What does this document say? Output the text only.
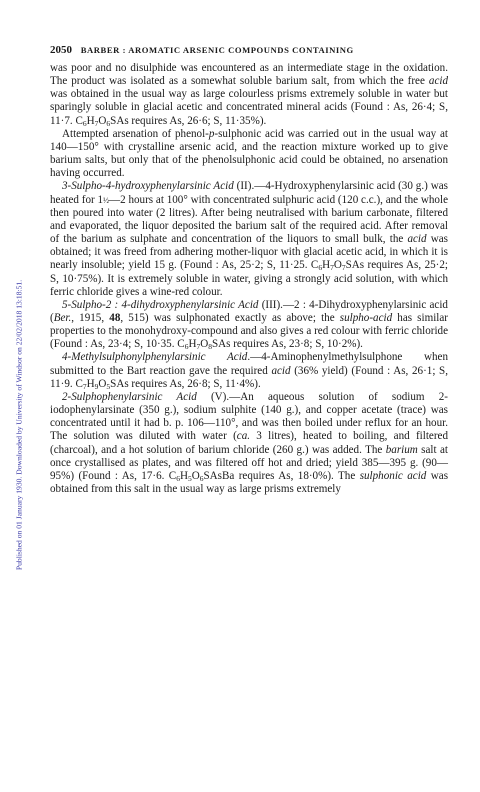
Published on 01 January 1930. Downloaded by University of Windsor on 22/02/2018 13:18:51.
2050 BARBER : AROMATIC ARSENIC COMPOUNDS CONTAINING

was poor and no disulphide was encountered as an intermediate stage in the oxidation. The product was isolated as a somewhat soluble barium salt, from which the free acid was obtained in the usual way as large colourless prisms extremely soluble in water but sparingly soluble in glacial acetic and concentrated mineral acids (Found : As, 26·4; S, 11·7. $C_6H_7O_6SAs$ requires As, 26·6; S, 11·35%).

Attempted arsenation of phenol-p-sulphonic acid was carried out in the usual way at 140—150° with crystalline arsenic acid, and the reaction mixture worked up to give barium salts, but only that of the phenolsulphonic acid could be obtained, no arsenation having occurred.

3-Sulpho-4-hydroxyphenylarsinic Acid (II).—4-Hydroxyphenylarsinic acid (30 g.) was heated for 1½—2 hours at 100° with concentrated sulphuric acid (120 c.c.), and the whole then poured into water (2 litres). After being neutralised with barium carbonate, filtered and evaporated, the liquor deposited the barium salt of the required acid. After removal of the barium as sulphate and concentration of the liquors to small bulk, the acid was obtained; it was freed from adhering mother-liquor with glacial acetic acid, in which it is nearly insoluble; yield 15 g. (Found : As, 25·2; S, 11·25. $C_6H_7O_7SAs$ requires As, 25·2; S, 10·75%). It is extremely soluble in water, giving a strongly acid solution, with which ferric chloride gives a wine-red colour.

5-Sulpho-2 : 4-dihydroxyphenylarsinic Acid (III).—2 : 4-Dihydroxyphenylarsinic acid (Ber., 1915, 48, 515) was sulphonated exactly as above; the sulpho-acid has similar properties to the monohydroxy-compound and also gives a red colour with ferric chloride (Found : As, 23·4; S, 10·35. $C_6H_7O_8SAs$ requires As, 23·8; S, 10·2%).

4-Methylsulphonylphenylarsinic Acid.—4-Aminophenylmethylsulphone when submitted to the Bart reaction gave the required acid (36% yield) (Found : As, 26·1; S, 11·9. $C_7H_9O_5SAs$ requires As, 26·8; S, 11·4%).

2-Sulphophenylarsinic Acid (V).—An aqueous solution of sodium 2-iodophenylarsinate (350 g.), sodium sulphite (140 g.), and copper acetate (trace) was concentrated until it had b. p. 106—110°, and was then boiled under reflux for an hour. The solution was diluted with water (ca. 3 litres), heated to boiling, and filtered (charcoal), and a hot solution of barium chloride (260 g.) was added. The barium salt at once crystallised as plates, and was filtered off hot and dried; yield 385—395 g. (90—95%) (Found : As, 17·6. $C_6H_5O_6SAsBa$ requires As, 18·0%). The sulphonic acid was obtained from this salt in the usual way as large prisms extremely
